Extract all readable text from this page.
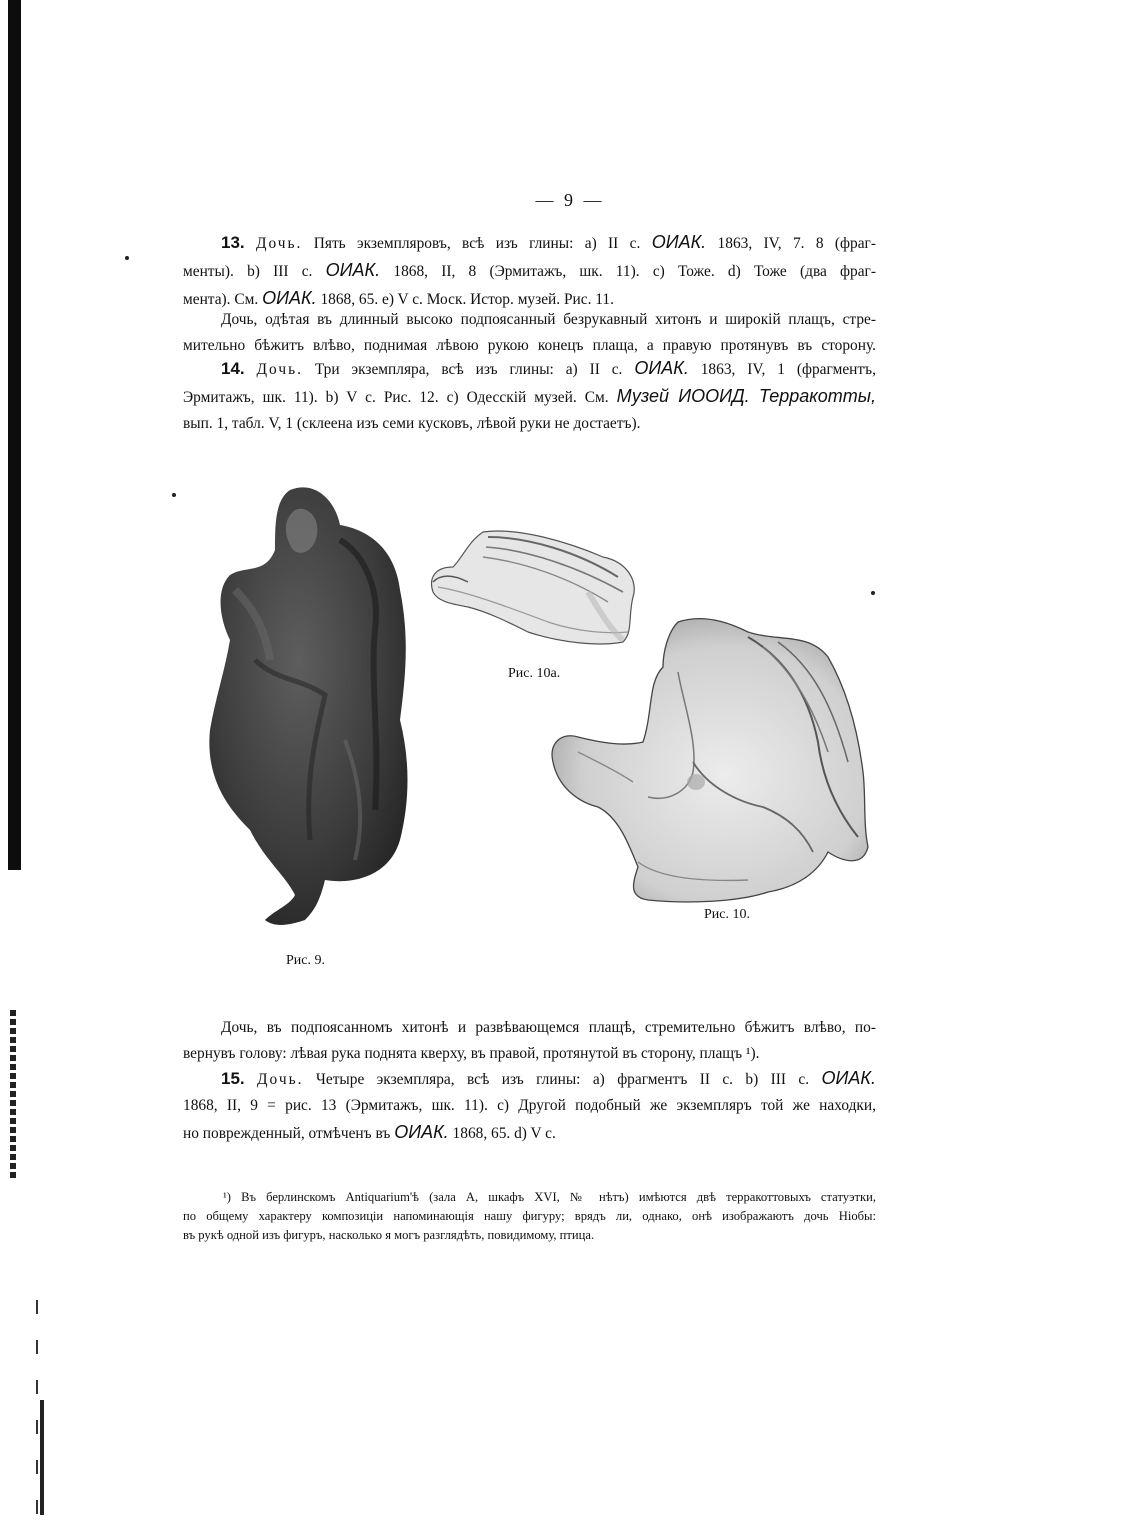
— 9 —
13. Дочь. Пять экземпляровъ, всѣ изъ глины: a) II с. ОИАК. 1863, IV, 7. 8 (фраг-
менты). b) III с. ОИАК. 1868, II, 8 (Эрмитажъ, шк. 11). c) Тоже. d) Тоже (два фраг-
мента). См. ОИАК. 1868, 65. e) V с. Моск. Истор. музей. Рис. 11.
Дочь, одѣтая въ длинный высоко подпоясанный безрукавный хитонъ и широкій плащъ, стре-
мительно бѣжитъ влѣво, поднимая лѣвою рукою конецъ плаща, а правую протянувъ въ сторону.
14. Дочь. Три экземпляра, всѣ изъ глины: a) II с. ОИАК. 1863, IV, 1 (фрагментъ,
Эрмитажъ, шк. 11). b) V с. Рис. 12. c) Одесскій музей. См. Музей ИООИД. Терракотты,
вып. 1, табл. V, 1 (склеена изъ семи кусковъ, лѣвой руки не достаетъ).
Рис. 9.
Рис. 10а.
Рис. 10.
Дочь, въ подпоясанномъ хитонѣ и развѣвающемся плащѣ, стремительно бѣжитъ влѣво, по-
вернувъ голову: лѣвая рука поднята кверху, въ правой, протянутой въ сторону, плащъ ¹).
15. Дочь. Четыре экземпляра, всѣ изъ глины: a) фрагментъ II с. b) III с. ОИАК.
1868, II, 9 = рис. 13 (Эрмитажъ, шк. 11). c) Другой подобный же экземпляръ той же находки,
но поврежденный, отмѣченъ въ ОИАК. 1868, 65. d) V с.
¹) Въ берлинскомъ Antiquarium'ѣ (зала A, шкафъ XVI, № нѣтъ) имѣются двѣ терракоттовыхъ статуэтки,
по общему характеру композиціи напоминающія нашу фигуру; врядъ ли, однако, онѣ изображаютъ дочь Ніобы:
въ рукѣ одной изъ фигуръ, насколько я могъ разглядѣть, повидимому, птица.
